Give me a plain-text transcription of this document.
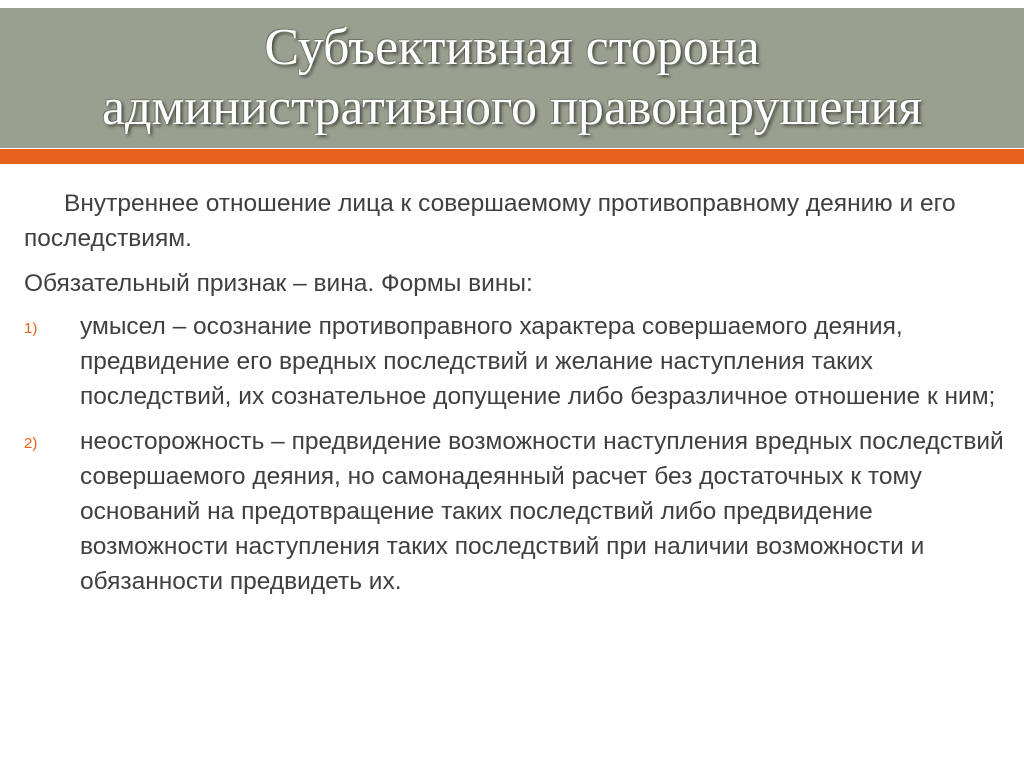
Субъективная сторона
административного правонарушения

Внутреннее отношение лица к совершаемому противоправному деянию и его последствиям.

Обязательный признак – вина. Формы вины:

1) умысел – осознание противоправного характера совершаемого деяния, предвидение его вредных последствий и желание наступления таких последствий, их сознательное допущение либо безразличное отношение к ним;
2) неосторожность – предвидение возможности наступления вредных последствий совершаемого деяния, но самонадеянный расчет без достаточных к тому оснований на предотвращение таких последствий либо предвидение возможности наступления таких последствий при наличии возможности и обязанности предвидеть их.
